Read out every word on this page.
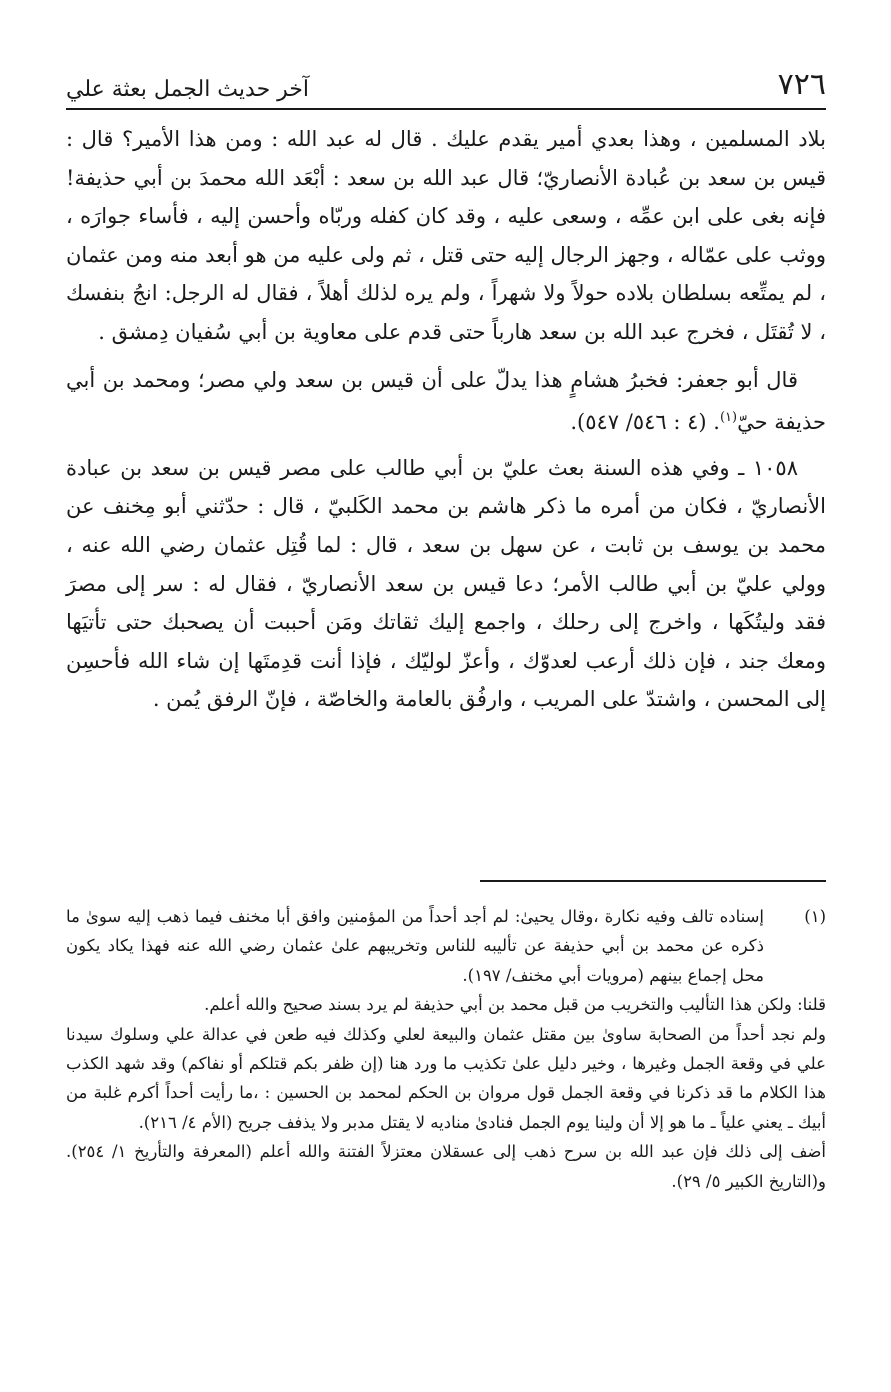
٧٢٦
آخر حديث الجمل بعثة علي

بلاد المسلمين ، وهذا بعدي أمير يقدم عليك . قال له عبد الله : ومن هذا الأمير؟ قال : قيس بن سعد بن عُبادة الأنصاريّ؛ قال عبد الله بن سعد : أبْعَد الله محمدَ بن أبي حذيفة! فإنه بغى على ابن عمِّه ، وسعى عليه ، وقد كان كفله وربّاه وأحسن إليه ، فأساء جوارَه ، ووثب على عمّاله ، وجهز الرجال إليه حتى قتل ، ثم ولى عليه من هو أبعد منه ومن عثمان ، لم يمتِّعه بسلطان بلاده حولاً ولا شهراً ، ولم يره لذلك أهلاً ، فقال له الرجل: انجُ بنفسك ، لا تُقتَل ، فخرج عبد الله بن سعد هارباً حتى قدم على معاوية بن أبي سُفيان دِمشق .

قال أبو جعفر: فخبرُ هشامٍ هذا يدلّ على أن قيس بن سعد ولي مصر؛ ومحمد بن أبي حذيفة حيّ$^{(١)}$. (٤ : ٥٤٦/ ٥٤٧).

١٠٥٨ ـ وفي هذه السنة بعث عليّ بن أبي طالب على مصر قيس بن سعد بن عبادة الأنصاريّ ، فكان من أمره ما ذكر هاشم بن محمد الكَلبيّ ، قال : حدّثني أبو مِخنف عن محمد بن يوسف بن ثابت ، عن سهل بن سعد ، قال : لما قُتِل عثمان رضي الله عنه ، وولي عليّ بن أبي طالب الأمر؛ دعا قيس بن سعد الأنصاريّ ، فقال له : سر إلى مصرَ فقد وليتُكَها ، واخرج إلى رحلك ، واجمع إليك ثقاتك ومَن أحببت أن يصحبك حتى تأتيَها ومعك جند ، فإن ذلك أرعب لعدوّك ، وأعزّ لوليّك ، فإذا أنت قدِمتَها إن شاء الله فأحسِن إلى المحسن ، واشتدّ على المريب ، وارفُق بالعامة والخاصّة ، فإنّ الرفق يُمن .

(١)
إسناده تالف وفيه نكارة ،وقال يحيىٰ: لم أجد أحداً من المؤمنين وافق أبا مخنف فيما ذهب إليه سوىٰ ما ذكره عن محمد بن أبي حذيفة عن تأليبه للناس وتخريبهم علىٰ عثمان رضي الله عنه فهذا يكاد يكون محل إجماع بينهم (مرويات أبي مخنف/ ١٩٧).

قلنا: ولكن هذا التأليب والتخريب من قبل محمد بن أبي حذيفة لم يرد بسند صحيح والله أعلم.

ولم نجد أحداً من الصحابة ساوىٰ بين مقتل عثمان والبيعة لعلي وكذلك فيه طعن في عدالة علي وسلوك سيدنا علي في وقعة الجمل وغيرها ، وخير دليل علىٰ تكذيب ما ورد هنا (إن ظفر بكم قتلكم أو نفاكم) وقد شهد الكذب هذا الكلام ما قد ذكرنا في وقعة الجمل قول مروان بن الحكم لمحمد بن الحسين : ،ما رأيت أحداً أكرم غلبة من أبيك ـ يعني علياً ـ ما هو إلا أن ولينا يوم الجمل فنادىٰ مناديه لا يقتل مدبر ولا يذفف جريح (الأم ٤/ ٢١٦).

أضف إلى ذلك فإن عبد الله بن سرح ذهب إلى عسقلان معتزلاً الفتنة والله أعلم (المعرفة والتأريخ ١/ ٢٥٤). و(التاريخ الكبير ٥/ ٢٩).
